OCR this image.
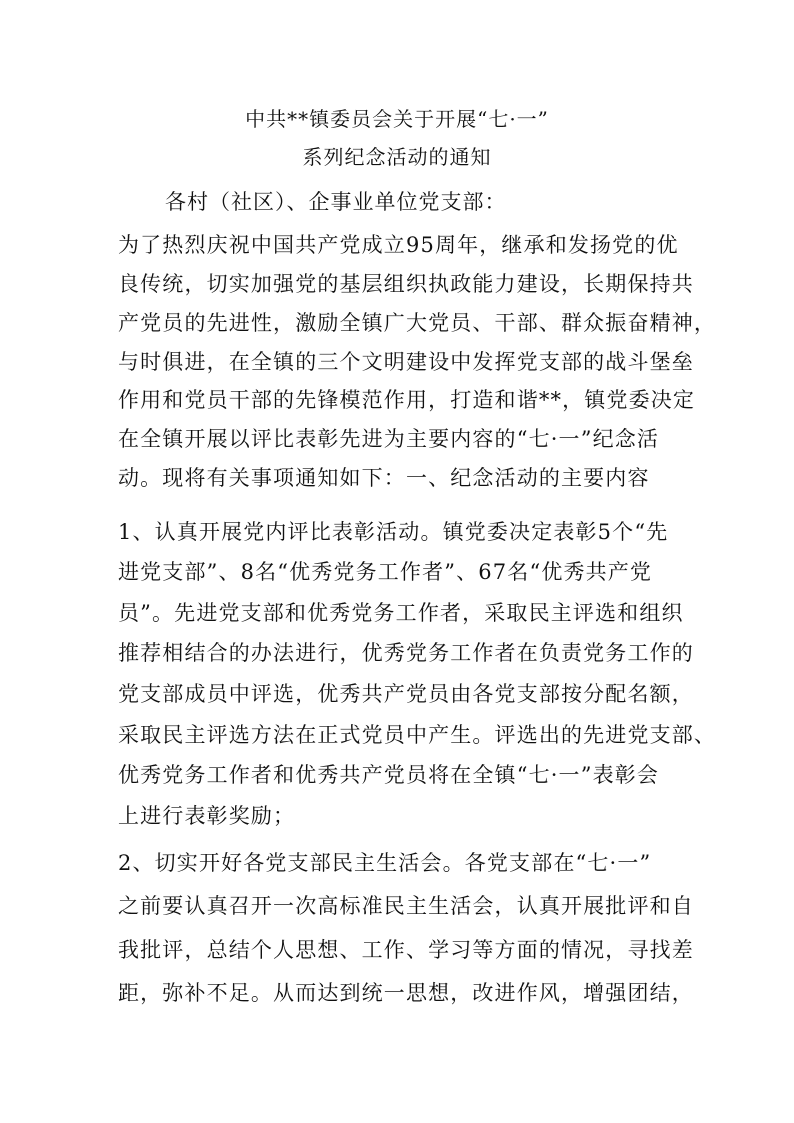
中共**镇委员会关于开展“七·一”
系列纪念活动的通知
各村（社区）、企事业单位党支部：
为了热烈庆祝中国共产党成立95周年，继承和发扬党的优
良传统，切实加强党的基层组织执政能力建设，长期保持共
产党员的先进性，激励全镇广大党员、干部、群众振奋精神，
与时俱进，在全镇的三个文明建设中发挥党支部的战斗堡垒
作用和党员干部的先锋模范作用，打造和谐**，镇党委决定
在全镇开展以评比表彰先进为主要内容的“七·一”纪念活
动。现将有关事项通知如下：一、纪念活动的主要内容
1、认真开展党内评比表彰活动。镇党委决定表彰5个“先
进党支部”、8名“优秀党务工作者”、67名“优秀共产党
员”。先进党支部和优秀党务工作者，采取民主评选和组织
推荐相结合的办法进行，优秀党务工作者在负责党务工作的
党支部成员中评选，优秀共产党员由各党支部按分配名额，
采取民主评选方法在正式党员中产生。评选出的先进党支部、
优秀党务工作者和优秀共产党员将在全镇“七·一”表彰会
上进行表彰奖励；
2、切实开好各党支部民主生活会。各党支部在“七·一”
之前要认真召开一次高标准民主生活会，认真开展批评和自
我批评，总结个人思想、工作、学习等方面的情况，寻找差
距，弥补不足。从而达到统一思想，改进作风，增强团结，
